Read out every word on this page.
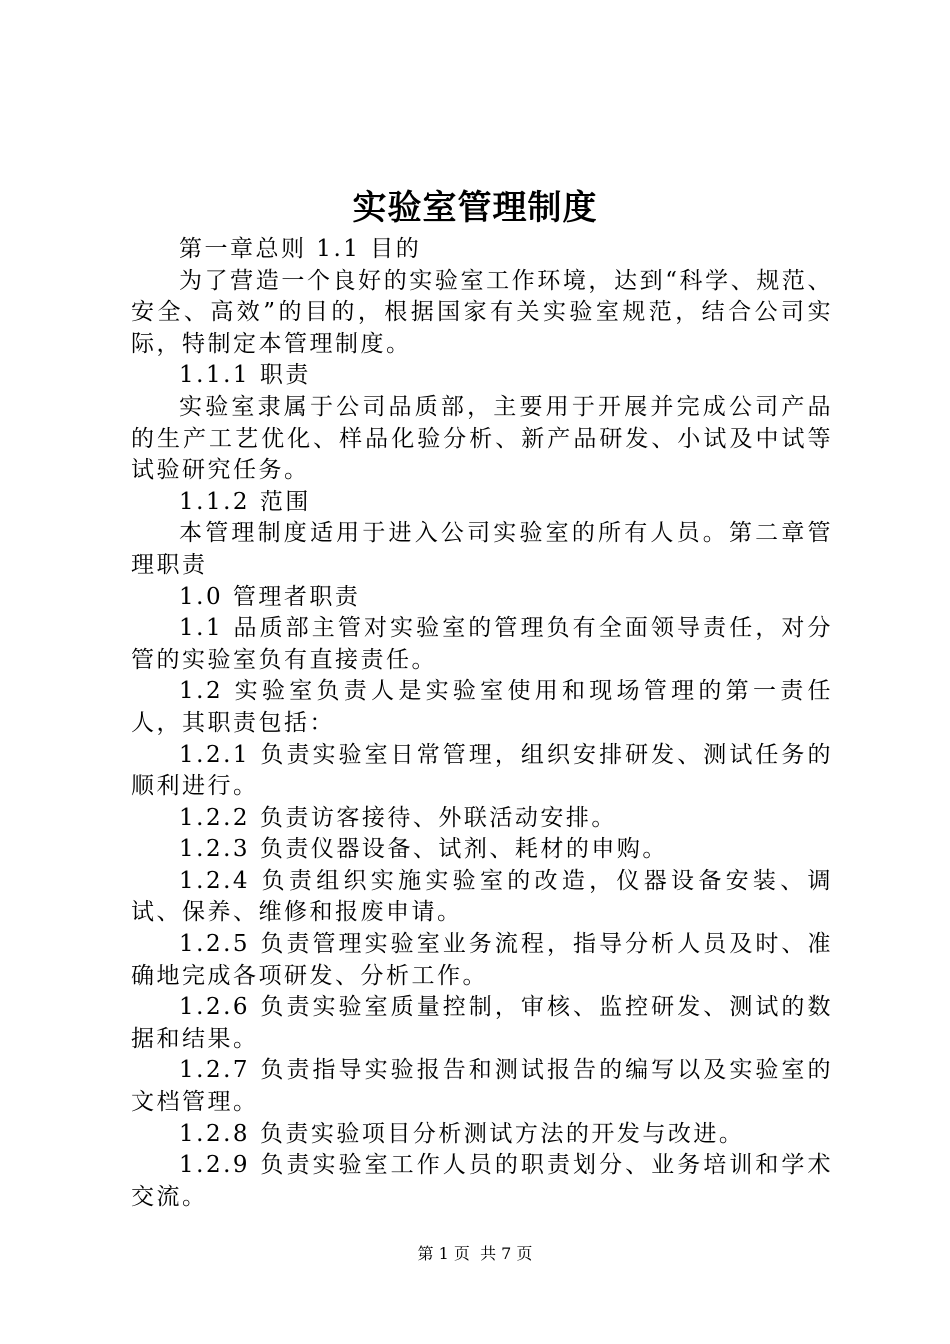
实验室管理制度

第一章总则 1.1 目的

为了营造一个良好的实验室工作环境，达到“科学、规范、安全、高效”的目的，根据国家有关实验室规范，结合公司实际，特制定本管理制度。

1.1.1 职责

实验室隶属于公司品质部，主要用于开展并完成公司产品的生产工艺优化、样品化验分析、新产品研发、小试及中试等试验研究任务。

1.1.2 范围

本管理制度适用于进入公司实验室的所有人员。第二章管理职责

1.0 管理者职责

1.1 品质部主管对实验室的管理负有全面领导责任，对分管的实验室负有直接责任。

1.2 实验室负责人是实验室使用和现场管理的第一责任人，其职责包括：

1.2.1 负责实验室日常管理，组织安排研发、测试任务的顺利进行。

1.2.2 负责访客接待、外联活动安排。

1.2.3 负责仪器设备、试剂、耗材的申购。

1.2.4 负责组织实施实验室的改造，仪器设备安装、调试、保养、维修和报废申请。

1.2.5 负责管理实验室业务流程，指导分析人员及时、准确地完成各项研发、分析工作。

1.2.6 负责实验室质量控制，审核、监控研发、测试的数据和结果。

1.2.7 负责指导实验报告和测试报告的编写以及实验室的文档管理。

1.2.8 负责实验项目分析测试方法的开发与改进。

1.2.9 负责实验室工作人员的职责划分、业务培训和学术交流。

第 1 页  共 7 页
